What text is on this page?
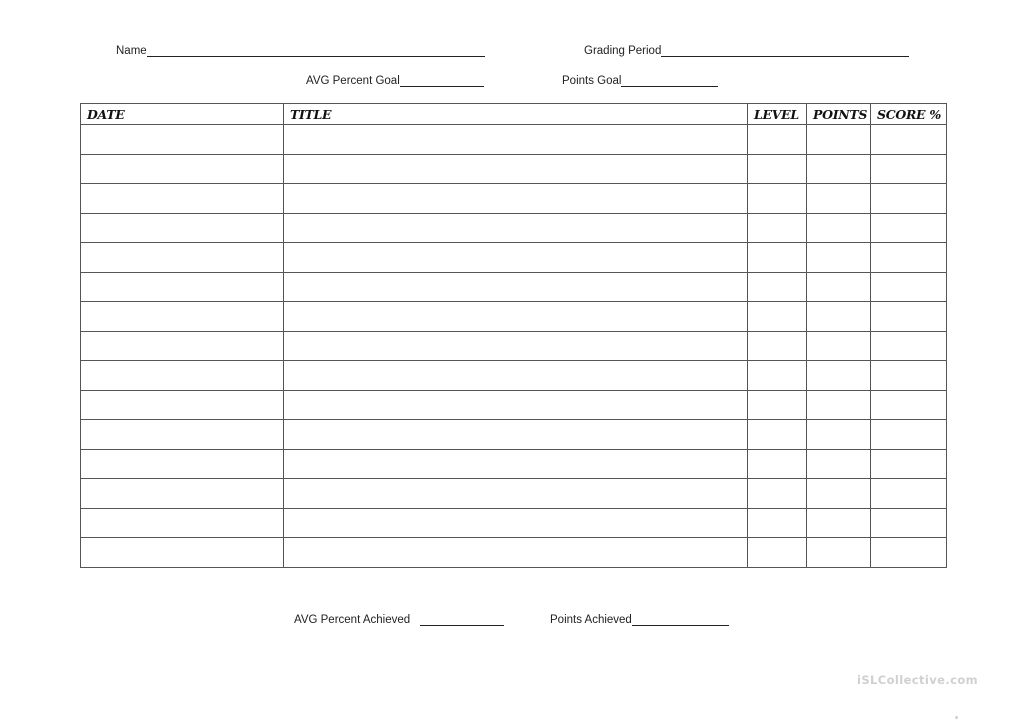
Name	Grading Period
AVG Percent Goal	Points Goal
DATE	TITLE	LEVEL	POINTS	SCORE %

AVG Percent Achieved	Points Achieved
iSLCollective.com
